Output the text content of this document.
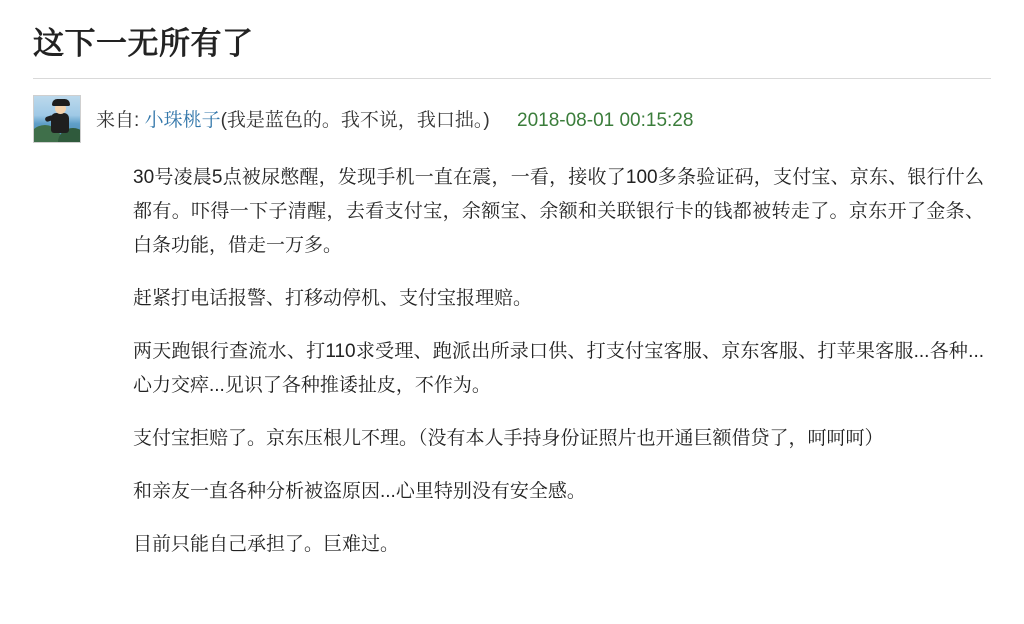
这下一无所有了
来自: 小珠桃子(我是蓝色的。我不说，我口拙。) 2018-08-01 00:15:28

30号凌晨5点被尿憋醒，发现手机一直在震，一看，接收了100多条验证码，支付宝、京东、银行什么都有。吓得一下子清醒，去看支付宝，余额宝、余额和关联银行卡的钱都被转走了。京东开了金条、白条功能，借走一万多。

赶紧打电话报警、打移动停机、支付宝报理赔。

两天跑银行查流水、打110求受理、跑派出所录口供、打支付宝客服、京东客服、打苹果客服...各种...心力交瘁...见识了各种推诿扯皮，不作为。

支付宝拒赔了。京东压根儿不理。（没有本人手持身份证照片也开通巨额借贷了，呵呵呵）

和亲友一直各种分析被盗原因...心里特别没有安全感。

目前只能自己承担了。巨难过。
